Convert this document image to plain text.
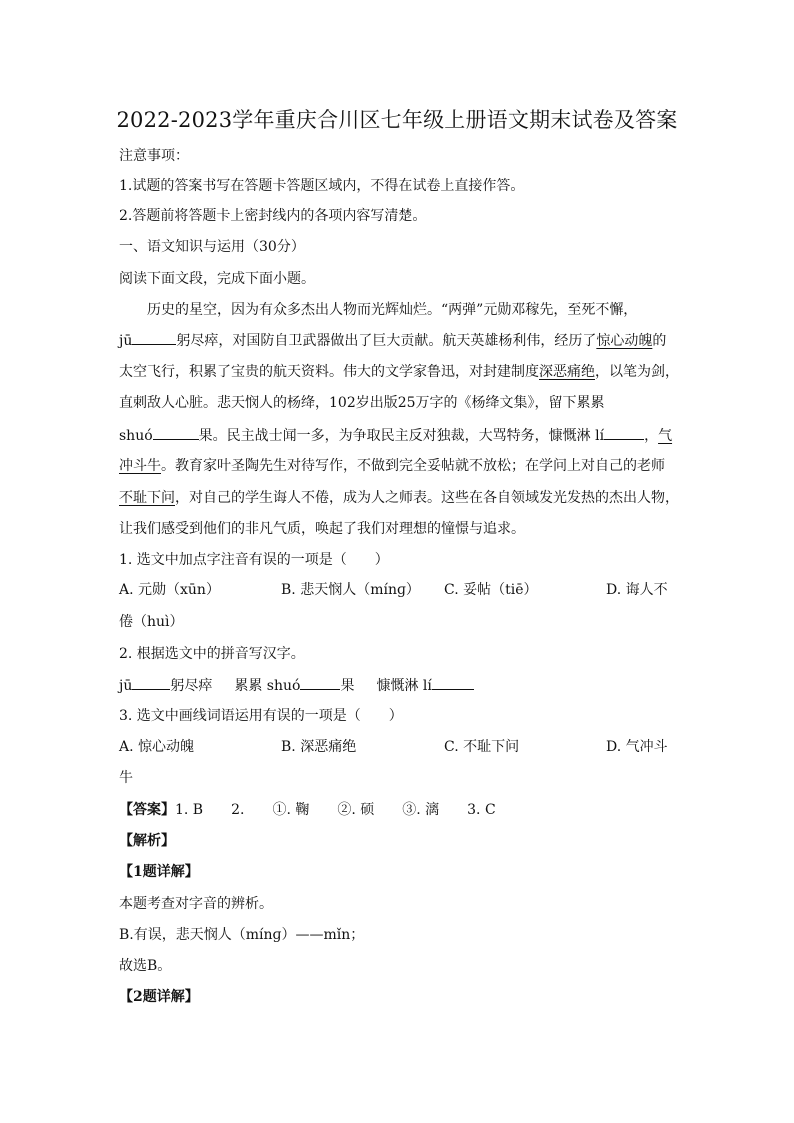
2022-2023学年重庆合川区七年级上册语文期末试卷及答案
注意事项：
1.试题的答案书写在答题卡答题区域内，不得在试卷上直接作答。
2.答题前将答题卡上密封线内的各项内容写清楚。
一、语文知识与运用（30分）
阅读下面文段，完成下面小题。
历史的星空，因为有众多杰出人物而光辉灿烂。“两弹”元勋邓稼先，至死不懈，
jū	躬尽瘁，对国防自卫武器做出了巨大贡献。航天英雄杨利伟，经历了惊心动魄的
太空飞行，积累了宝贵的航天资料。伟大的文学家鲁迅，对封建制度深恶痛绝，以笔为剑，
直刺敌人心脏。悲天悯人的杨绛，102岁出版25万字的《杨绛文集》，留下累累
shuó	果。民主战士闻一多，为争取民主反对独裁，大骂特务，慷慨淋 lí	，气
冲斗牛。教育家叶圣陶先生对待写作，不做到完全妥帖就不放松；在学问上对自己的老师
不耻下问，对自己的学生诲人不倦，成为人之师表。这些在各自领域发光发热的杰出人物，
让我们感受到他们的非凡气质，唤起了我们对理想的憧憬与追求。
1. 选文中加点字注音有误的一项是（　　）
A. 元勋（xūn）	B. 悲天悯人（mínɡ） C. 妥帖（tiē）	D. 诲人不
倦（huì）
2. 根据选文中的拼音写汉字。
jū	躬尽瘁 累累 shuó	果 慷慨淋 lí
3. 选文中画线词语运用有误的一项是（　　）
A. 惊心动魄	B. 深恶痛绝	C. 不耻下问	D. 气冲斗
牛
【答案】1. B　　2.　　①. 鞠　　②. 硕　　③. 漓　　3. C
【解析】
【1题详解】
本题考查对字音的辨析。
B.有误，悲天悯人（mínɡ）——mǐn；
故选B。
【2题详解】
